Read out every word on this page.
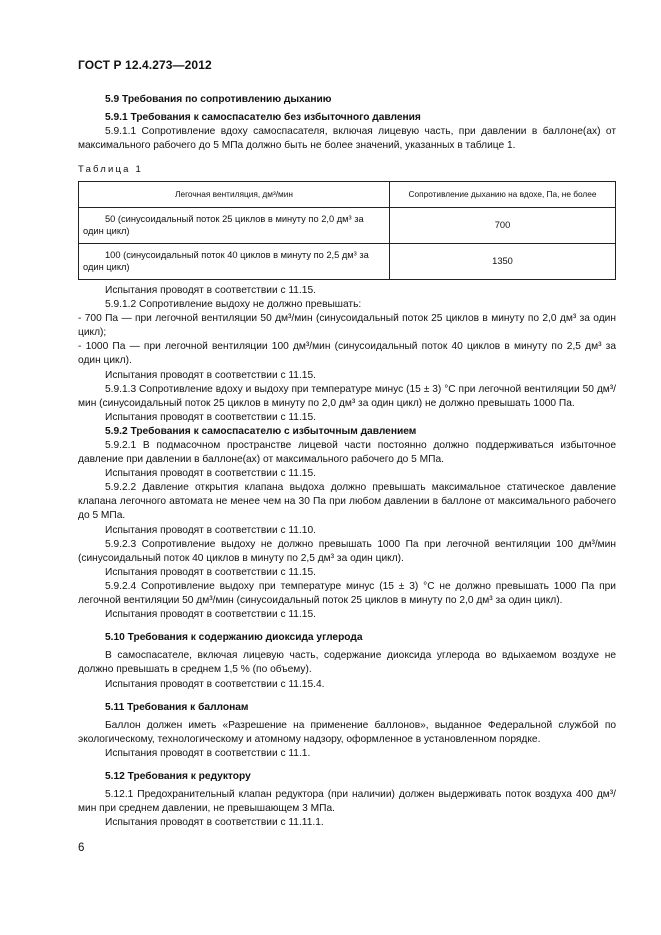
ГОСТ Р 12.4.273—2012

5.9 Требования по сопротивлению дыханию

5.9.1 Требования к самоспасателю без избыточного давления

5.9.1.1 Сопротивление вдоху самоспасателя, включая лицевую часть, при давлении в баллоне(ах) от максимального рабочего до 5 МПа должно быть не более значений, указанных в таблице 1.

Таблица 1

Легочная вентиляция, дм³/мин	Сопротивление дыханию на вдохе, Па, не более

50 (синусоидальный поток 25 циклов в минуту по 2,0 дм³ за один цикл)	700

100 (синусоидальный поток 40 циклов в минуту по 2,5 дм³ за один цикл)	1350

Испытания проводят в соответствии с 11.15.

5.9.1.2 Сопротивление выдоху не должно превышать:

- 700 Па — при легочной вентиляции 50 дм³/мин (синусоидальный поток 25 циклов в минуту по 2,0 дм³ за один цикл);

- 1000 Па — при легочной вентиляции 100 дм³/мин (синусоидальный поток 40 циклов в минуту по 2,5 дм³ за один цикл).

Испытания проводят в соответствии с 11.15.

5.9.1.3 Сопротивление вдоху и выдоху при температуре минус (15 ± 3) °С при легочной вентиляции 50 дм³/мин (синусоидальный поток 25 циклов в минуту по 2,0 дм³ за один цикл) не должно превышать 1000 Па.

Испытания проводят в соответствии с 11.15.

5.9.2 Требования к самоспасателю с избыточным давлением

5.9.2.1 В подмасочном пространстве лицевой части постоянно должно поддерживаться избыточное давление при давлении в баллоне(ах) от максимального рабочего до 5 МПа.

Испытания проводят в соответствии с 11.15.

5.9.2.2 Давление открытия клапана выдоха должно превышать максимальное статическое давление клапана легочного автомата не менее чем на 30 Па при любом давлении в баллоне от максимального рабочего до 5 МПа.

Испытания проводят в соответствии с 11.10.

5.9.2.3 Сопротивление выдоху не должно превышать 1000 Па при легочной вентиляции 100 дм³/мин (синусоидальный поток 40 циклов в минуту по 2,5 дм³ за один цикл).

Испытания проводят в соответствии с 11.15.

5.9.2.4 Сопротивление выдоху при температуре минус (15 ± 3) °С не должно превышать 1000 Па при легочной вентиляции 50 дм³/мин (синусоидальный поток 25 циклов в минуту по 2,0 дм³ за один цикл).

Испытания проводят в соответствии с 11.15.

5.10 Требования к содержанию диоксида углерода

В самоспасателе, включая лицевую часть, содержание диоксида углерода во вдыхаемом воздухе не должно превышать в среднем 1,5 % (по объему).

Испытания проводят в соответствии с 11.15.4.

5.11 Требования к баллонам

Баллон должен иметь «Разрешение на применение баллонов», выданное Федеральной службой по экологическому, технологическому и атомному надзору, оформленное в установленном порядке.

Испытания проводят в соответствии с 11.1.

5.12 Требования к редуктору

5.12.1 Предохранительный клапан редуктора (при наличии) должен выдерживать поток воздуха 400 дм³/мин при среднем давлении, не превышающем 3 МПа.

Испытания проводят в соответствии с 11.11.1.

6
